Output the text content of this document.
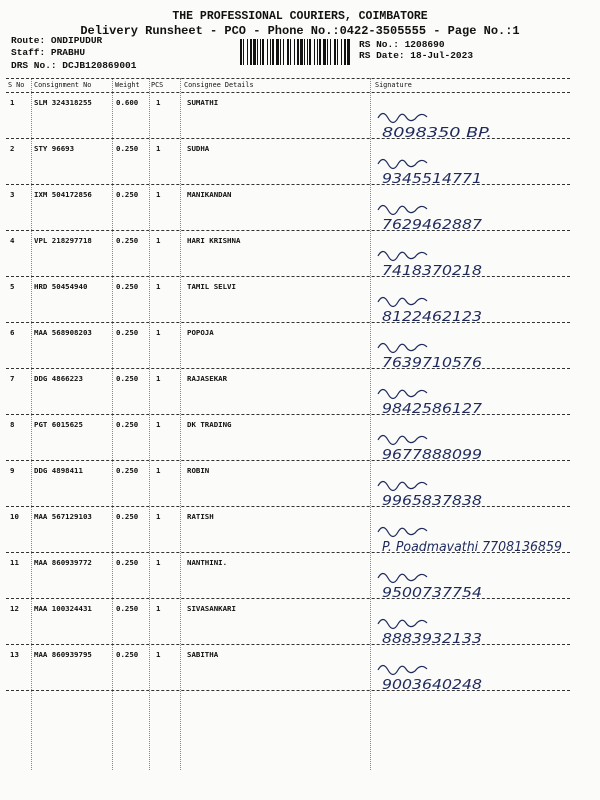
THE PROFESSIONAL COURIERS, COIMBATORE
Delivery Runsheet - PCO - Phone No.:0422-3505555 - Page No.:1
Route: ONDIPUDUR
Staff: PRABHU
DRS No.: DCJB120869001
RS No.: 1208690
RS Date: 18-Jul-2023
S No Consignment No	Weight PCS	Consignee Details	Signature
1	SLM 324318255	0.600 1	SUMATHI
8098350 BP.
2	STY 96693	0.250 1	SUDHA
9345514771
3	IXM 504172856	0.250 1	MANIKANDAN
7629462887
4	VPL 218297718	0.250 1	HARI KRISHNA
7418370218
5	HRD 50454940	0.250 1	TAMIL SELVI
8122462123
6	MAA 568908203	0.250 1	POPOJA
7639710576
7	DDG 4866223	0.250 1	RAJASEKAR
9842586127
8	PGT 6015625	0.250 1	DK TRADING
9677888099
9	DDG 4898411	0.250 1	ROBIN
9965837838
10 MAA 567129103	0.250 1	RATISH
P. Poadmavathi 7708136859
11 MAA 860939772	0.250 1	NANTHINI.
9500737754
12 MAA 100324431	0.250 1	SIVASANKARI
8883932133
13 MAA 860939795	0.250 1	SABITHA
9003640248
